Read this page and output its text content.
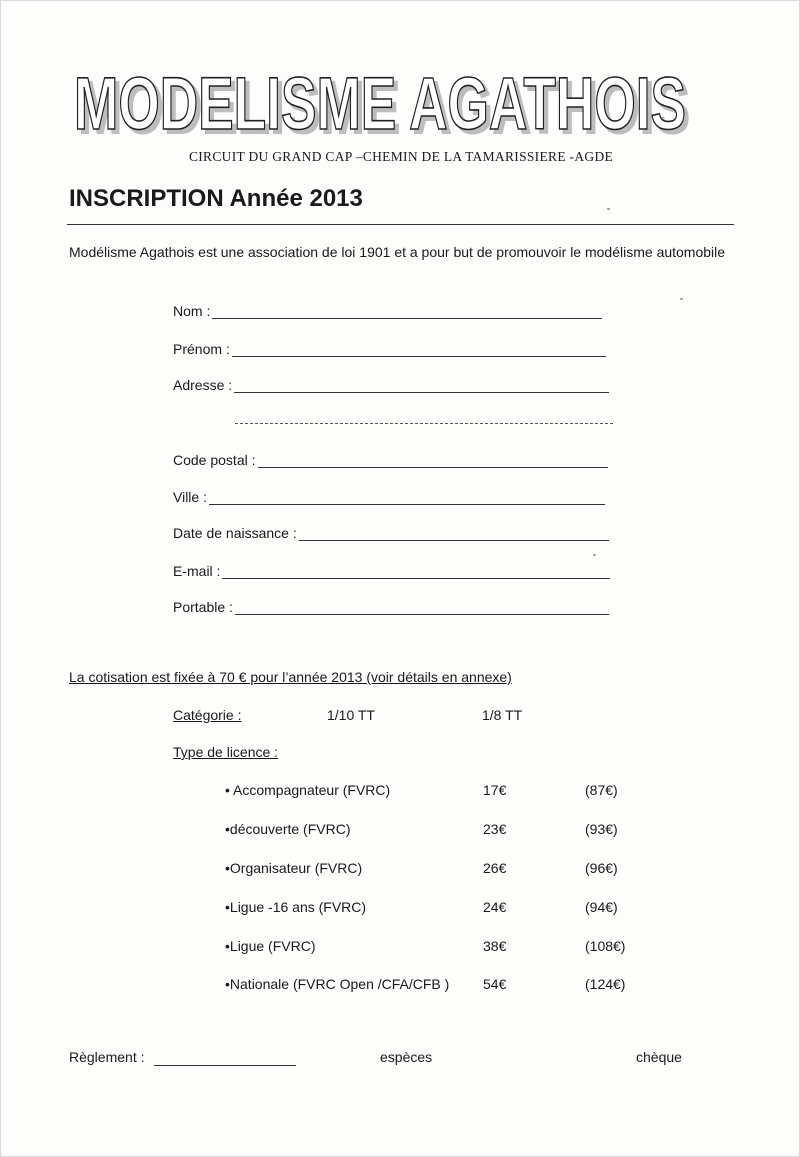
MODELISME AGATHOIS
MODELISME AGATHOIS
CIRCUIT DU GRAND CAP –CHEMIN DE LA TAMARISSIERE -AGDE
INSCRIPTION Année 2013
Modélisme Agathois est une association de loi 1901 et a pour but de promouvoir le modélisme automobile
Nom :
Prénom :
Adresse :
Code postal :
Ville :
Date de naissance :
E-mail :
Portable :
La cotisation est fixée à 70 € pour l’année 2013 (voir détails en annexe)
Catégorie :	1/10 TT	1/8 TT
Type de licence :
• Accompagnateur (FVRC)	17€	(87€)
•découverte (FVRC)	23€	(93€)
•Organisateur (FVRC)	26€	(96€)
•Ligue -16 ans (FVRC)	24€	(94€)
•Ligue (FVRC)	38€	(108€)
•Nationale (FVRC Open /CFA/CFB ) 54€	(124€)
Règlement :	espèces	chèque
